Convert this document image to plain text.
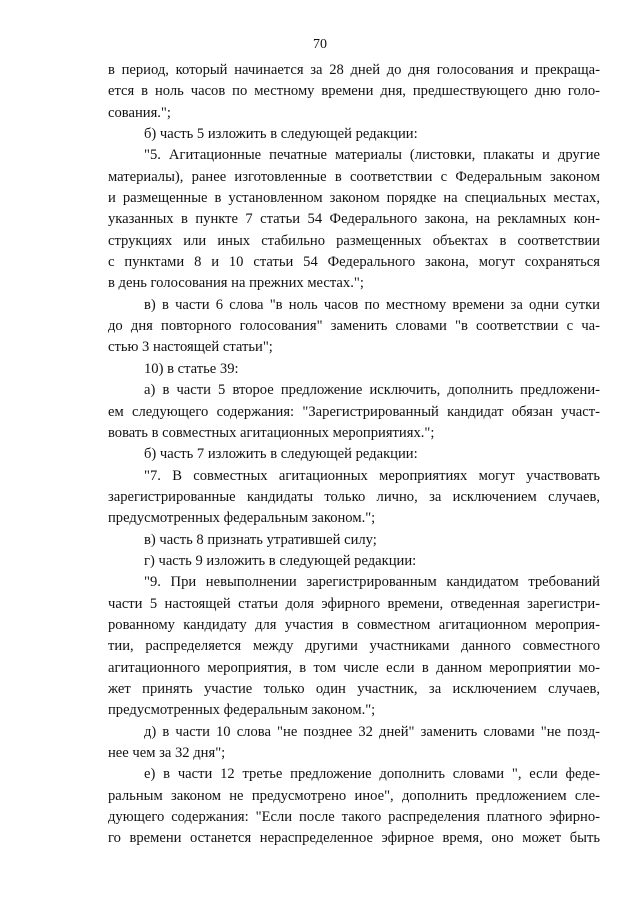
70
в период, который начинается за 28 дней до дня голосования и прекраща-
ется в ноль часов по местному времени дня, предшествующего дню голо-
сования.";
б) часть 5 изложить в следующей редакции:
"5. Агитационные печатные материалы (листовки, плакаты и другие
материалы), ранее изготовленные в соответствии с Федеральным законом
и размещенные в установленном законом порядке на специальных местах,
указанных в пункте 7 статьи 54 Федерального закона, на рекламных кон-
струкциях или иных стабильно размещенных объектах в соответствии
с пунктами 8 и 10 статьи 54 Федерального закона, могут сохраняться
в день голосования на прежних местах.";
в) в части 6 слова "в ноль часов по местному времени за одни сутки
до дня повторного голосования" заменить словами "в соответствии с ча-
стью 3 настоящей статьи";
10) в статье 39:
а) в части 5 второе предложение исключить, дополнить предложени-
ем следующего содержания: "Зарегистрированный кандидат обязан участ-
вовать в совместных агитационных мероприятиях.";
б) часть 7 изложить в следующей редакции:
"7. В совместных агитационных мероприятиях могут участвовать
зарегистрированные кандидаты только лично, за исключением случаев,
предусмотренных федеральным законом.";
в) часть 8 признать утратившей силу;
г) часть 9 изложить в следующей редакции:
"9. При невыполнении зарегистрированным кандидатом требований
части 5 настоящей статьи доля эфирного времени, отведенная зарегистри-
рованному кандидату для участия в совместном агитационном мероприя-
тии, распределяется между другими участниками данного совместного
агитационного мероприятия, в том числе если в данном мероприятии мо-
жет принять участие только один участник, за исключением случаев,
предусмотренных федеральным законом.";
д) в части 10 слова "не позднее 32 дней" заменить словами "не позд-
нее чем за 32 дня";
е) в части 12 третье предложение дополнить словами ", если феде-
ральным законом не предусмотрено иное", дополнить предложением сле-
дующего содержания: "Если после такого распределения платного эфирно-
го времени останется нераспределенное эфирное время, оно может быть
